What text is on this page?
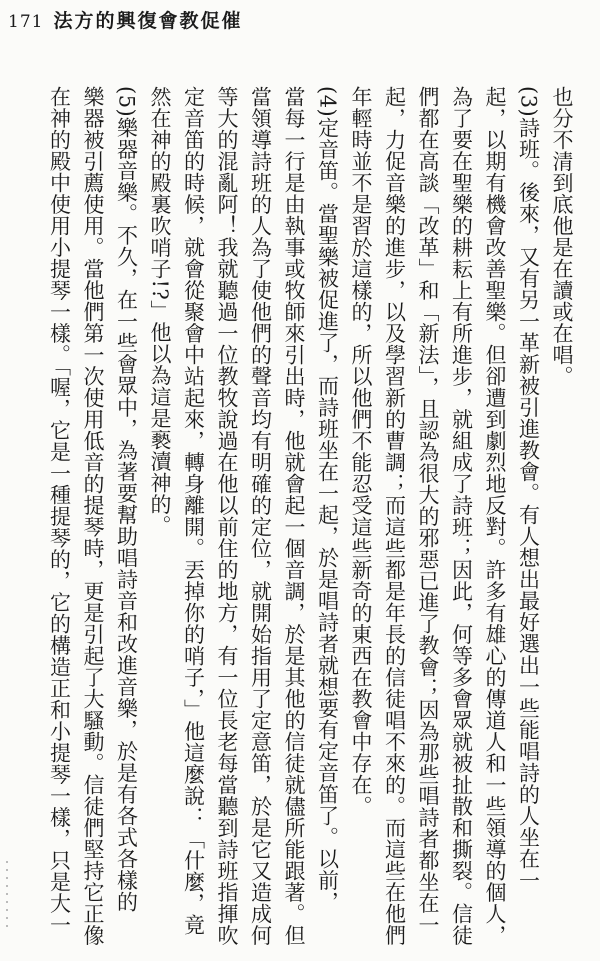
171 法方的興復會教促催
也分不清到底他是在讀或在唱。
(3)詩班。後來，又有另一革新被引進教會。有人想出最好選出一些能唱詩的人坐在一
起，以期有機會改善聖樂。但卻遭到劇烈地反對。許多有雄心的傳道人和一些領導的個人，
為了要在聖樂的耕耘上有所進步，就組成了詩班；因此，何等多會眾就被扯散和撕裂。信徒
們都在高談「改革」和「新法」，且認為很大的邪惡已進了教會；因為那些唱詩者都坐在一
起，力促音樂的進步，以及學習新的曹調；而這些都是年長的信徒唱不來的。而這些在他們
年輕時並不是習於這樣的，所以他們不能忍受這些新奇的東西在教會中存在。
(4)定音笛。當聖樂被促進了，而詩班坐在一起，於是唱詩者就想要有定音笛了。以前，
當每一行是由執事或牧師來引出時，他就會起一個音調，於是其他的信徒就儘所能跟著。但
當領導詩班的人為了使他們的聲音均有明確的定位，就開始指用了定意笛，於是它又造成何
等大的混亂阿！我就聽過一位教牧說過在他以前住的地方，有一位長老每當聽到詩班指揮吹
定音笛的時候，就會從聚會中站起來，轉身離開。丟掉你的哨子，」他這麼說：「什麼，竟
然在神的殿裏吹哨子!?」他以為這是褻瀆神的。
(5)樂器音樂。不久，在一些會眾中，為著要幫助唱詩音和改進音樂，於是有各式各樣的
樂器被引薦使用。當他們第一次使用低音的提琴時，更是引起了大騷動。信徒們堅持它正像
在神的殿中使用小提琴一樣。「喔，它是一種提琴的，它的構造正和小提琴一樣，只是大一
